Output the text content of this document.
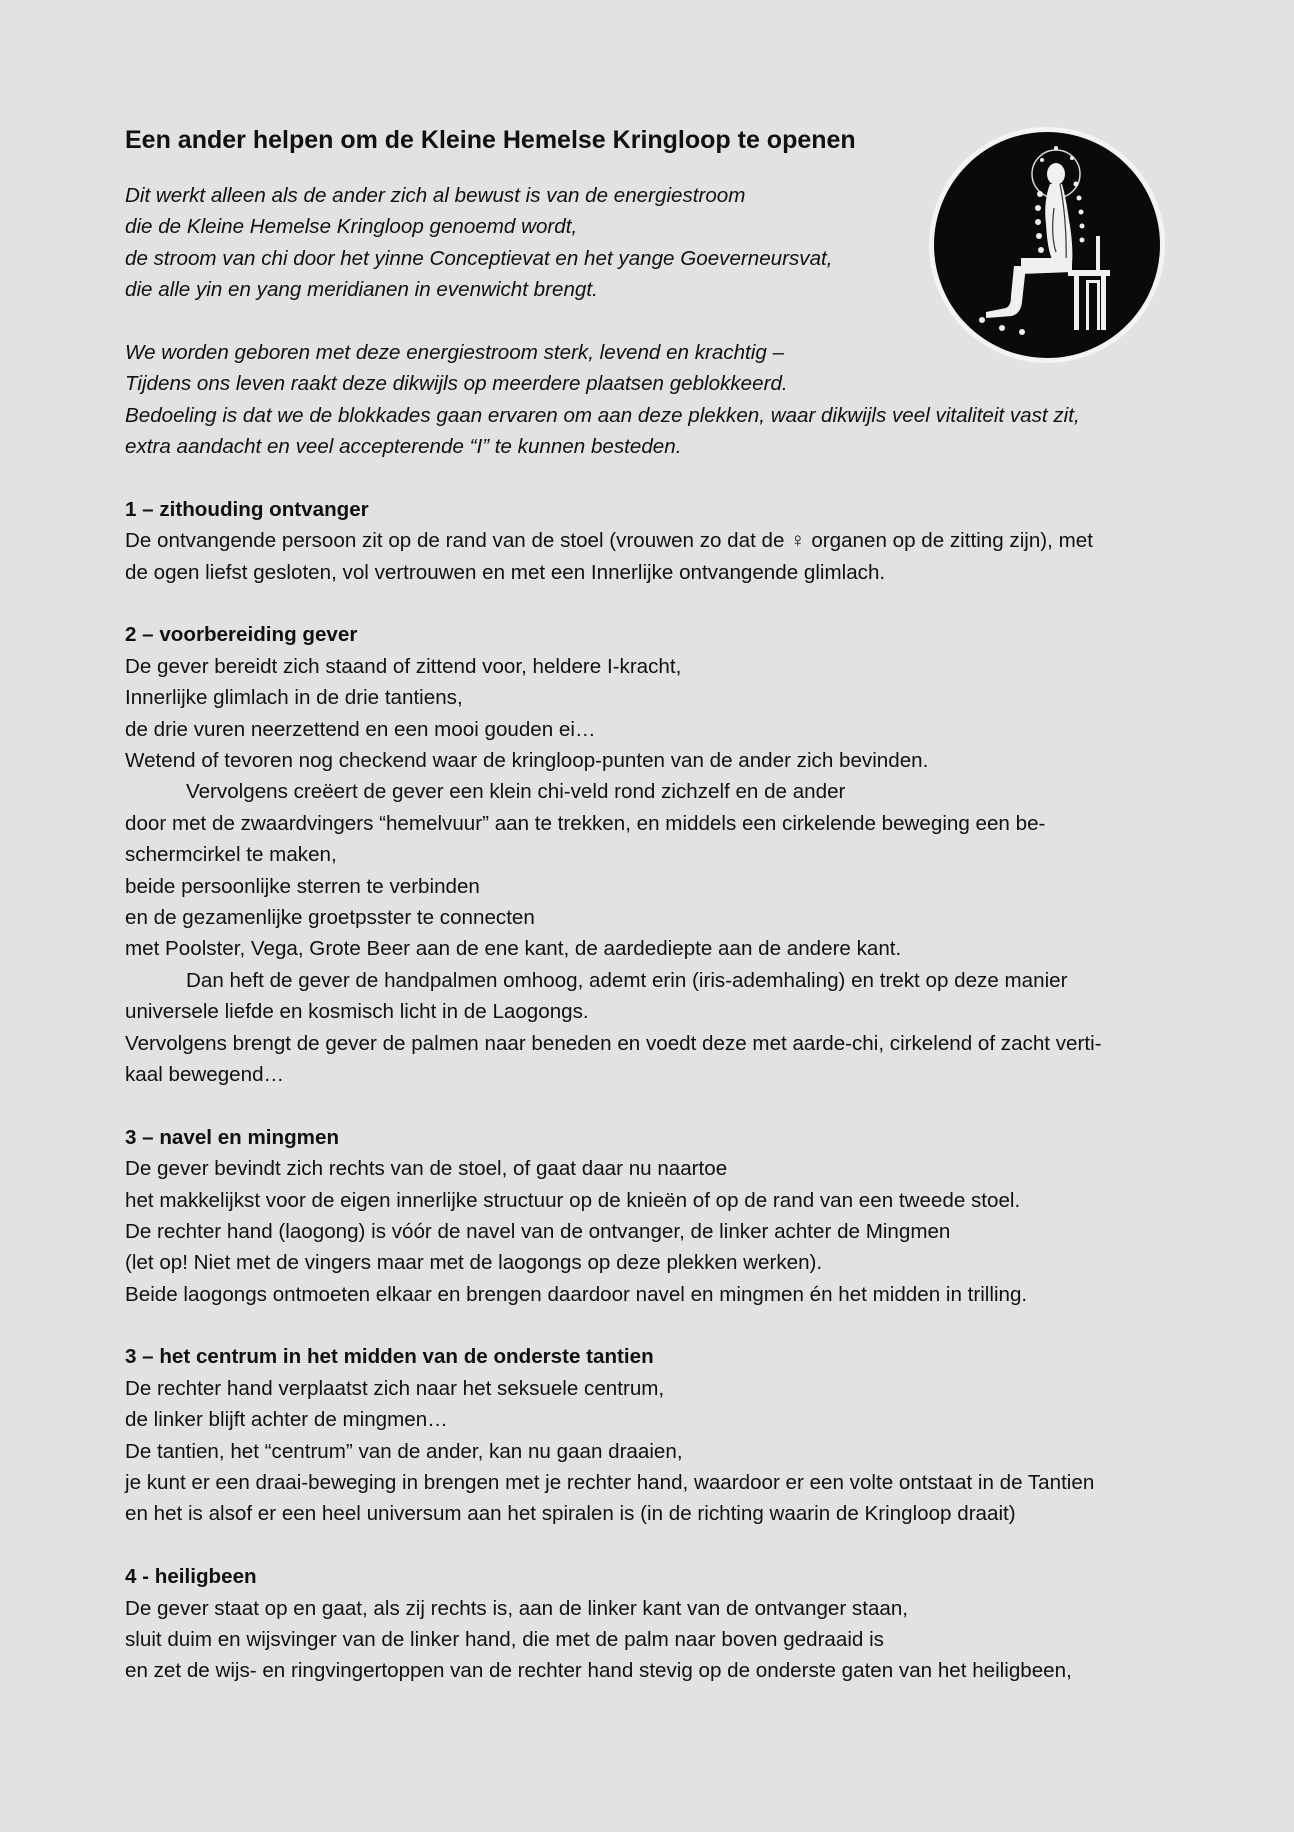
Een ander helpen om de Kleine Hemelse Kringloop te openen
Dit werkt alleen als de ander zich al bewust is van de energiestroom
die de Kleine Hemelse Kringloop genoemd wordt,
de stroom van chi door het yinne Conceptievat en het yange Goeverneursvat,
die alle yin en yang meridianen in evenwicht brengt.
We worden geboren met deze energiestroom sterk, levend en krachtig –
Tijdens ons leven raakt deze dikwijls op meerdere plaatsen geblokkeerd.
Bedoeling is dat we de blokkades gaan ervaren om aan deze plekken, waar dikwijls veel vitaliteit vast zit,
extra aandacht en veel accepterende “I” te kunnen besteden.
1 – zithouding ontvanger
De ontvangende persoon zit op de rand van de stoel (vrouwen zo dat de ♀ organen op de zitting zijn), met
de ogen liefst gesloten, vol vertrouwen en met een Innerlijke ontvangende glimlach.
2 – voorbereiding gever
De gever bereidt zich staand of zittend voor, heldere I-kracht,
Innerlijke glimlach in de drie tantiens,
de drie vuren neerzettend en een mooi gouden ei…
Wetend of tevoren nog checkend waar de kringloop-punten van de ander zich bevinden.
Vervolgens creëert de gever een klein chi-veld rond zichzelf en de ander
door met de zwaardvingers “hemelvuur” aan te trekken, en middels een cirkelende beweging een be-
schermcirkel te maken,
beide persoonlijke sterren te verbinden
en de gezamenlijke groetpsster te connecten
met Poolster, Vega, Grote Beer aan de ene kant, de aardediepte aan de andere kant.
Dan heft de gever de handpalmen omhoog, ademt erin (iris-ademhaling) en trekt op deze manier
universele liefde en kosmisch licht in de Laogongs.
Vervolgens brengt de gever de palmen naar beneden en voedt deze met aarde-chi, cirkelend of zacht verti-
kaal bewegend…
3 – navel en mingmen
De gever bevindt zich rechts van de stoel, of gaat daar nu naartoe
het makkelijkst voor de eigen innerlijke structuur op de knieën of op de rand van een tweede stoel.
De rechter hand (laogong) is vóór de navel van de ontvanger, de linker achter de Mingmen
(let op! Niet met de vingers maar met de laogongs op deze plekken werken).
Beide laogongs ontmoeten elkaar en brengen daardoor navel en mingmen én het midden in trilling.
3 – het centrum in het midden van de onderste tantien
De rechter hand verplaatst zich naar het seksuele centrum,
de linker blijft achter de mingmen…
De tantien, het “centrum” van de ander, kan nu gaan draaien,
je kunt er een draai-beweging in brengen met je rechter hand, waardoor er een volte ontstaat in de Tantien
en het is alsof er een heel universum aan het spiralen is (in de richting waarin de Kringloop draait)
4 - heiligbeen
De gever staat op en gaat, als zij rechts is, aan de linker kant van de ontvanger staan,
sluit duim en wijsvinger van de linker hand, die met de palm naar boven gedraaid is
en zet de wijs- en ringvingertoppen van de rechter hand stevig op de onderste gaten van het heiligbeen,
